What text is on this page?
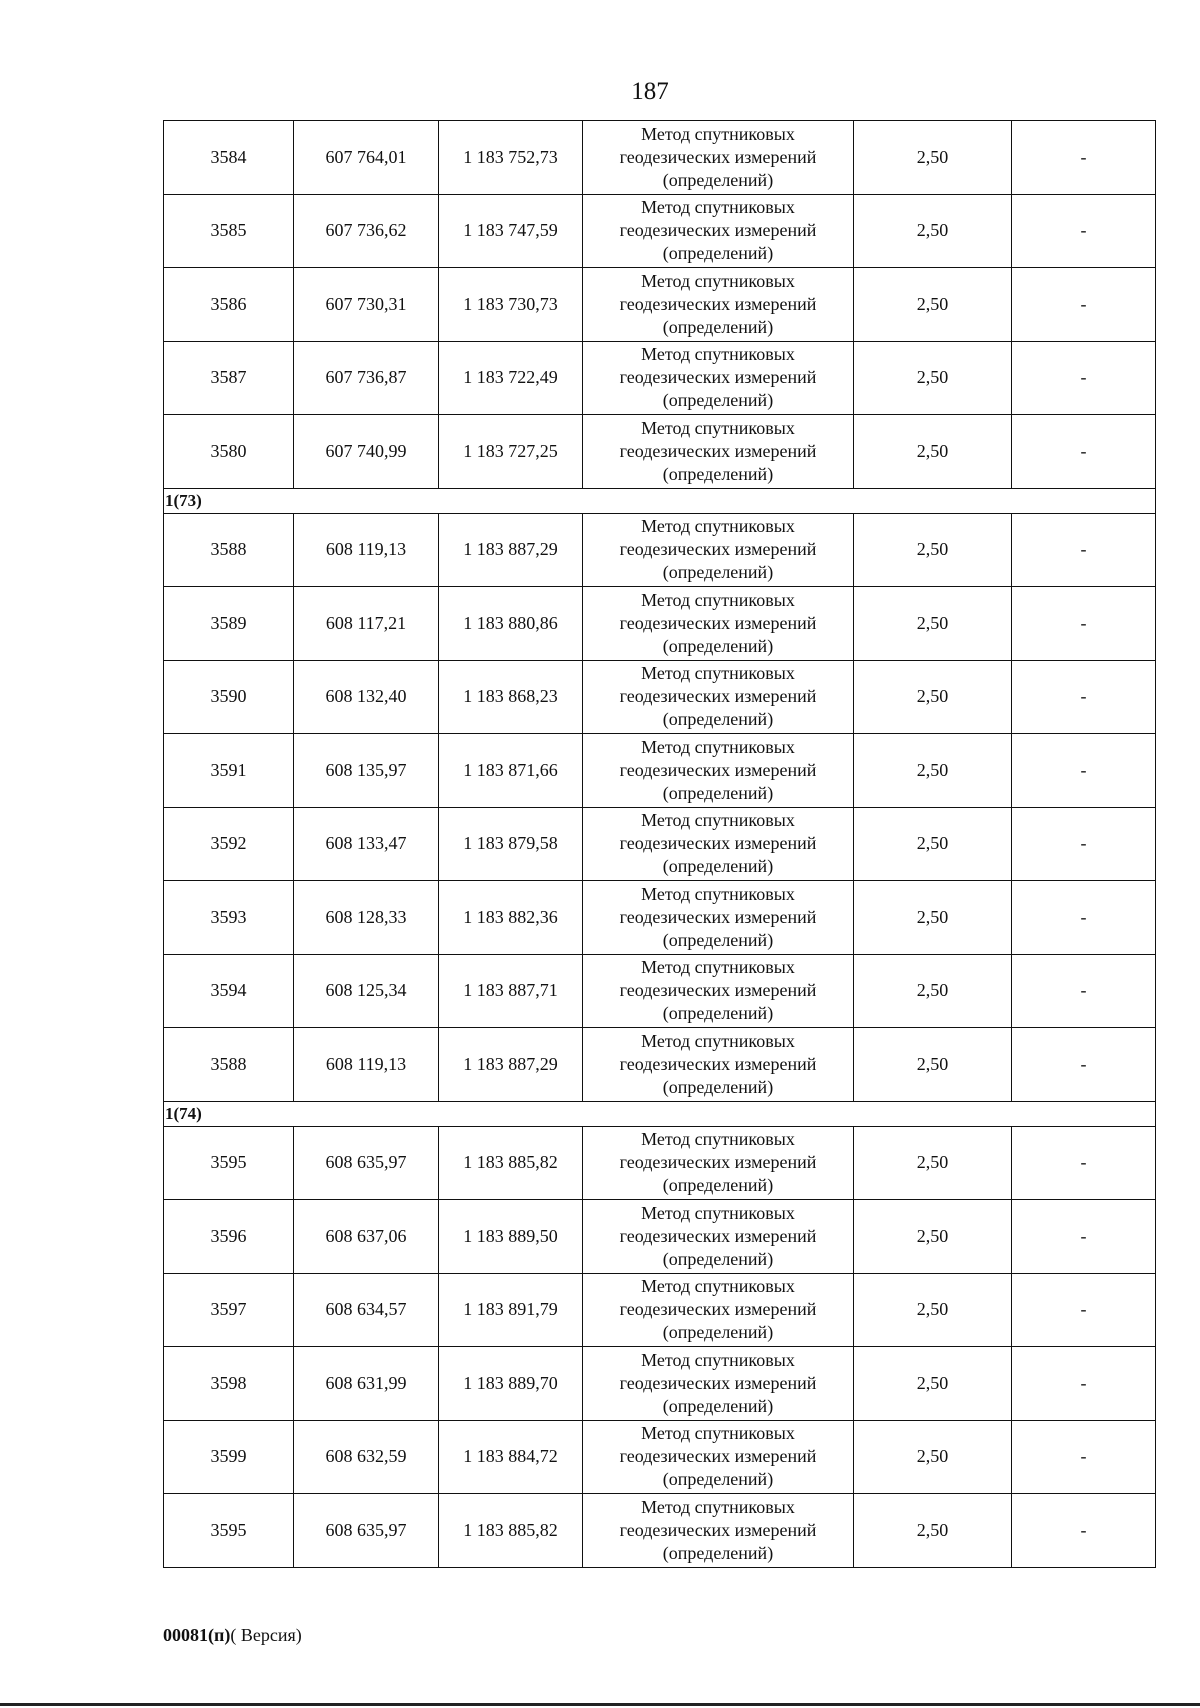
187
3584	607 764,01	1 183 752,73	Метод спутниковых
геодезических измерений
(определений)	2,50	-
3585	607 736,62	1 183 747,59	Метод спутниковых
геодезических измерений
(определений)	2,50	-
3586	607 730,31	1 183 730,73	Метод спутниковых
геодезических измерений
(определений)	2,50	-
3587	607 736,87	1 183 722,49	Метод спутниковых
геодезических измерений
(определений)	2,50	-
3580	607 740,99	1 183 727,25	Метод спутниковых
геодезических измерений
(определений)	2,50	-
1(73)					
3588	608 119,13	1 183 887,29	Метод спутниковых
геодезических измерений
(определений)	2,50	-
3589	608 117,21	1 183 880,86	Метод спутниковых
геодезических измерений
(определений)	2,50	-
3590	608 132,40	1 183 868,23	Метод спутниковых
геодезических измерений
(определений)	2,50	-
3591	608 135,97	1 183 871,66	Метод спутниковых
геодезических измерений
(определений)	2,50	-
3592	608 133,47	1 183 879,58	Метод спутниковых
геодезических измерений
(определений)	2,50	-
3593	608 128,33	1 183 882,36	Метод спутниковых
геодезических измерений
(определений)	2,50	-
3594	608 125,34	1 183 887,71	Метод спутниковых
геодезических измерений
(определений)	2,50	-
3588	608 119,13	1 183 887,29	Метод спутниковых
геодезических измерений
(определений)	2,50	-
1(74)					
3595	608 635,97	1 183 885,82	Метод спутниковых
геодезических измерений
(определений)	2,50	-
3596	608 637,06	1 183 889,50	Метод спутниковых
геодезических измерений
(определений)	2,50	-
3597	608 634,57	1 183 891,79	Метод спутниковых
геодезических измерений
(определений)	2,50	-
3598	608 631,99	1 183 889,70	Метод спутниковых
геодезических измерений
(определений)	2,50	-
3599	608 632,59	1 183 884,72	Метод спутниковых
геодезических измерений
(определений)	2,50	-
3595	608 635,97	1 183 885,82	Метод спутниковых
геодезических измерений
(определений)	2,50	-
00081(п)( Версия)
